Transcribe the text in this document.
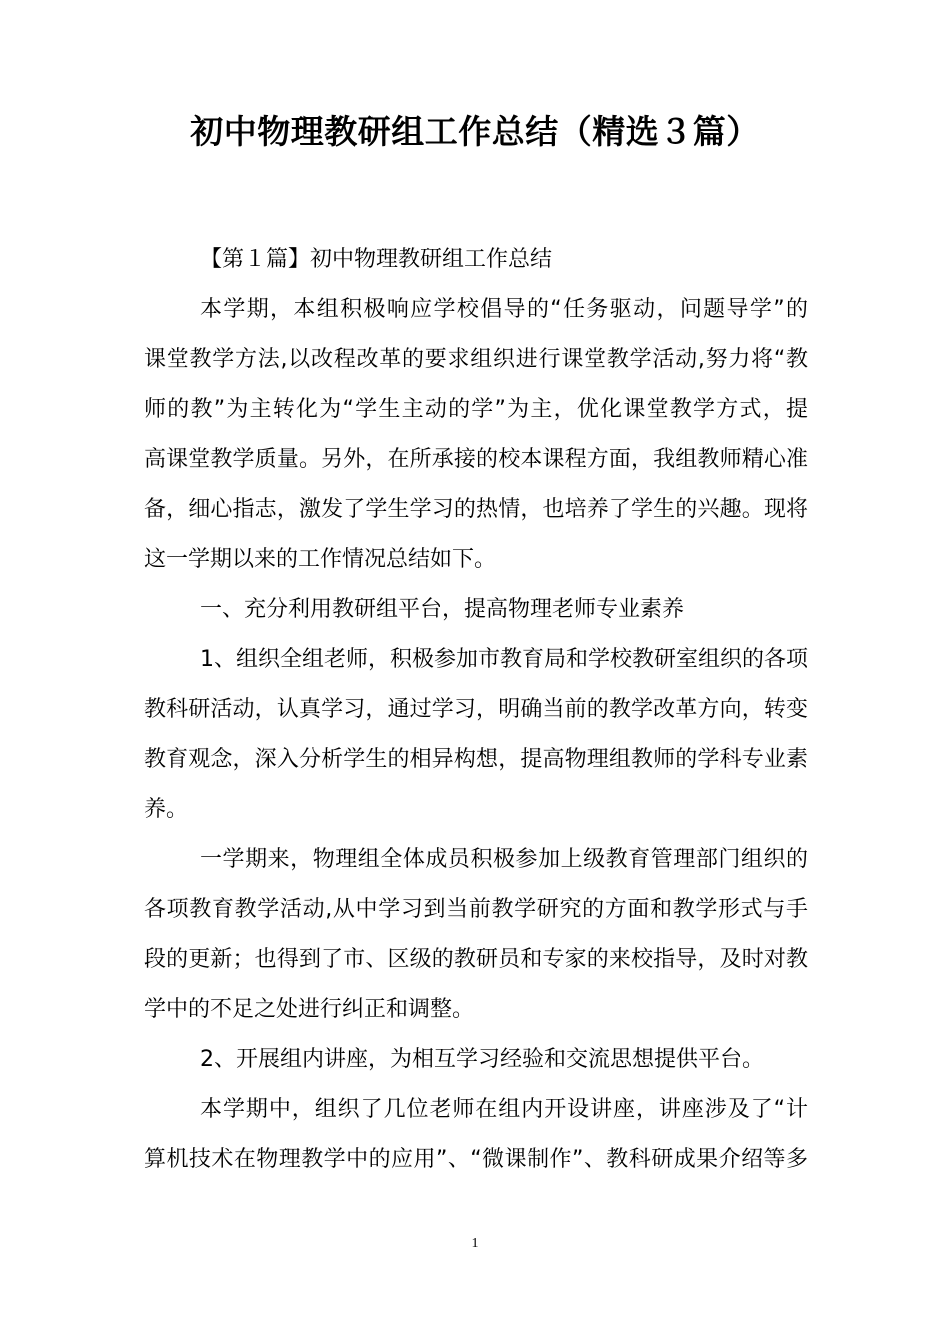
初中物理教研组工作总结（精选３篇）
【第１篇】初中物理教研组工作总结
本学期，本组积极响应学校倡导的“任务驱动，问题导学”的
课堂教学方法,以改程改革的要求组织进行课堂教学活动,努力将“教
师的教”为主转化为“学生主动的学”为主，优化课堂教学方式，提
高课堂教学质量。另外，在所承接的校本课程方面，我组教师精心准
备，细心指志，激发了学生学习的热情，也培养了学生的兴趣。现将
这一学期以来的工作情况总结如下。
一、充分利用教研组平台，提高物理老师专业素养
1、组织全组老师，积极参加市教育局和学校教研室组织的各项
教科研活动，认真学习，通过学习，明确当前的教学改革方向，转变
教育观念，深入分析学生的相异构想，提高物理组教师的学科专业素
养。
一学期来，物理组全体成员积极参加上级教育管理部门组织的
各项教育教学活动,从中学习到当前教学研究的方面和教学形式与手
段的更新；也得到了市、区级的教研员和专家的来校指导，及时对教
学中的不足之处进行纠正和调整。
2、开展组内讲座，为相互学习经验和交流思想提供平台。
本学期中，组织了几位老师在组内开设讲座，讲座涉及了“计
算机技术在物理教学中的应用”、“微课制作”、教科研成果介绍等多
1
